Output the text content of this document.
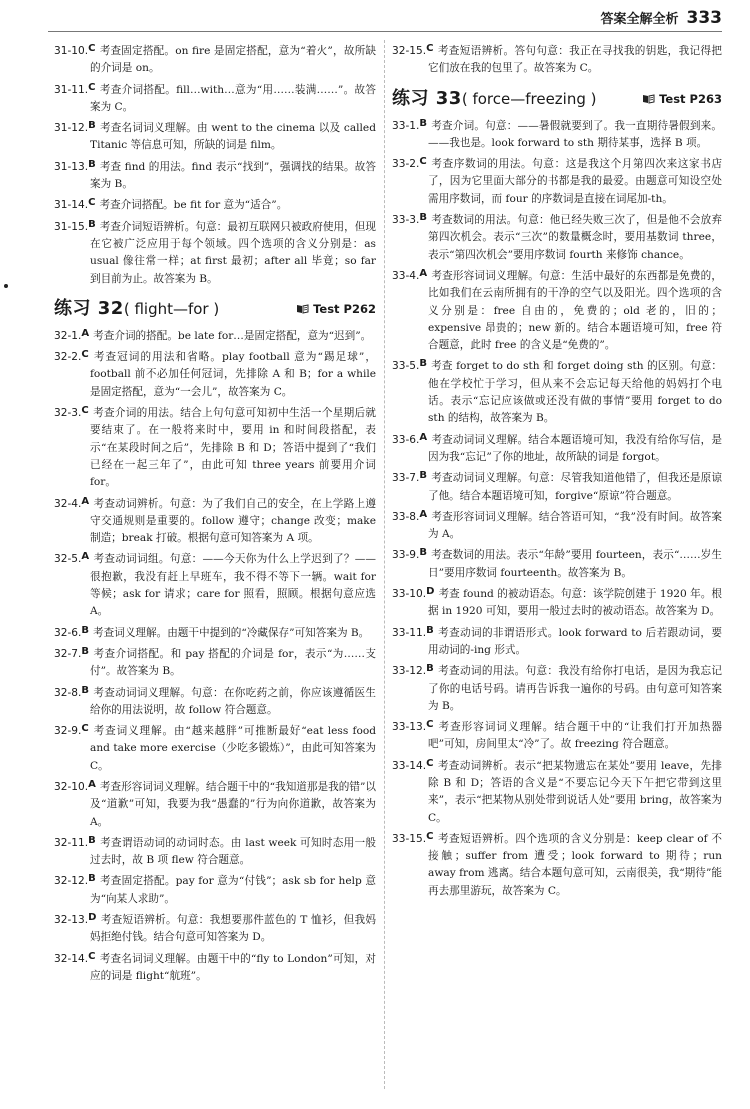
答案全解全析 333

31-10.C 考查固定搭配。on fire 是固定搭配，意为“着火”，故所缺的介词是 on。

31-11.C 考查介词搭配。fill…with…意为“用……装满……”。故答案为 C。

31-12.B 考查名词词义理解。由 went to the cinema 以及 called Titanic 等信息可知，所缺的词是 film。

31-13.B 考查 find 的用法。find 表示“找到”，强调找的结果。故答案为 B。

31-14.C 考查介词搭配。be fit for 意为“适合”。

31-15.B 考查介词短语辨析。句意：最初互联网只被政府使用，但现在它被广泛应用于每个领域。四个选项的含义分别是：as usual 像往常一样；at first 最初；after all 毕竟；so far 到目前为止。故答案为 B。

练习 32 ( flight—for )	Test P262

32-1.A 考查介词的搭配。be late for…是固定搭配，意为“迟到”。

32-2.C 考查冠词的用法和省略。play football 意为“踢足球”，football 前不必加任何冠词，先排除 A 和 B；for a while 是固定搭配，意为“一会儿”，故答案为 C。

32-3.C 考查介词的用法。结合上句句意可知初中生活一个星期后就要结束了。在一般将来时中，要用 in 和时间段搭配，表示“在某段时间之后”，先排除 B 和 D；答语中提到了“我们已经在一起三年了”，由此可知 three years 前要用介词 for。

32-4.A 考查动词辨析。句意：为了我们自己的安全，在上学路上遵守交通规则是重要的。follow 遵守；change 改变；make 制造；break 打破。根据句意可知答案为 A 项。

32-5.A 考查动词词组。句意：——今天你为什么上学迟到了？——很抱歉，我没有赶上早班车，我不得不等下一辆。wait for 等候；ask for 请求；care for 照看，照顾。根据句意应选 A。

32-6.B 考查词义理解。由题干中提到的“冷藏保存”可知答案为 B。

32-7.B 考查介词搭配。和 pay 搭配的介词是 for，表示“为……支付”。故答案为 B。

32-8.B 考查动词词义理解。句意：在你吃药之前，你应该遵循医生给你的用法说明，故 follow 符合题意。

32-9.C 考查词义理解。由“越来越胖”可推断最好“eat less food and take more exercise（少吃多锻炼）”，由此可知答案为 C。

32-10.A 考查形容词词义理解。结合题干中的“我知道那是我的错”以及“道歉”可知，我要为我“愚蠢的”行为向你道歉，故答案为 A。

32-11.B 考查谓语动词的动词时态。由 last week 可知时态用一般过去时，故 B 项 flew 符合题意。

32-12.B 考查固定搭配。pay for 意为“付钱”；ask sb for help 意为“向某人求助”。

32-13.D 考查短语辨析。句意：我想要那件蓝色的 T 恤衫，但我妈妈拒绝付钱。结合句意可知答案为 D。

32-14.C 考查名词词义理解。由题干中的“fly to London”可知，对应的词是 flight“航班”。

32-15.C 考查短语辨析。答句句意：我正在寻找我的钥匙，我记得把它们放在我的包里了。故答案为 C。

练习 33 ( force—freezing )	Test P263

33-1.B 考查介词。句意：——暑假就要到了。我一直期待暑假到来。——我也是。look forward to sth 期待某事，选择 B 项。

33-2.C 考查序数词的用法。句意：这是我这个月第四次来这家书店了，因为它里面大部分的书都是我的最爱。由题意可知设空处需用序数词，而 four 的序数词是直接在词尾加-th。

33-3.B 考查数词的用法。句意：他已经失败三次了，但是他不会放弃第四次机会。表示“三次”的数量概念时，要用基数词 three，表示“第四次机会”要用序数词 fourth 来修饰 chance。

33-4.A 考查形容词词义理解。句意：生活中最好的东西都是免费的，比如我们在云南所拥有的干净的空气以及阳光。四个选项的含义分别是：free 自由的，免费的；old 老的，旧的；expensive 昂贵的；new 新的。结合本题语境可知，free 符合题意，此时 free 的含义是“免费的”。

33-5.B 考查 forget to do sth 和 forget doing sth 的区别。句意：他在学校忙于学习，但从来不会忘记每天给他的妈妈打个电话。表示“忘记应该做或还没有做的事情”要用 forget to do sth 的结构，故答案为 B。

33-6.A 考查动词词义理解。结合本题语境可知，我没有给你写信，是因为我“忘记”了你的地址，故所缺的词是 forgot。

33-7.B 考查动词词义理解。句意：尽管我知道他错了，但我还是原谅了他。结合本题语境可知，forgive“原谅”符合题意。

33-8.A 考查形容词词义理解。结合答语可知，“我”没有时间。故答案为 A。

33-9.B 考查数词的用法。表示“年龄”要用 fourteen，表示“……岁生日”要用序数词 fourteenth。故答案为 B。

33-10.D 考查 found 的被动语态。句意：该学院创建于 1920 年。根据 in 1920 可知，要用一般过去时的被动语态。故答案为 D。

33-11.B 考查动词的非谓语形式。look forward to 后若跟动词，要用动词的-ing 形式。

33-12.B 考查动词的用法。句意：我没有给你打电话，是因为我忘记了你的电话号码。请再告诉我一遍你的号码。由句意可知答案为 B。

33-13.C 考查形容词词义理解。结合题干中的“让我们打开加热器吧”可知，房间里太“冷”了。故 freezing 符合题意。

33-14.C 考查动词辨析。表示“把某物遗忘在某处”要用 leave，先排除 B 和 D；答语的含义是“不要忘记今天下午把它带到这里来”，表示“把某物从别处带到说话人处”要用 bring，故答案为 C。

33-15.C 考查短语辨析。四个选项的含义分别是：keep clear of 不接触；suffer from 遭受；look forward to 期待；run away from 逃离。结合本题句意可知，云南很美，我“期待”能再去那里游玩，故答案为 C。
